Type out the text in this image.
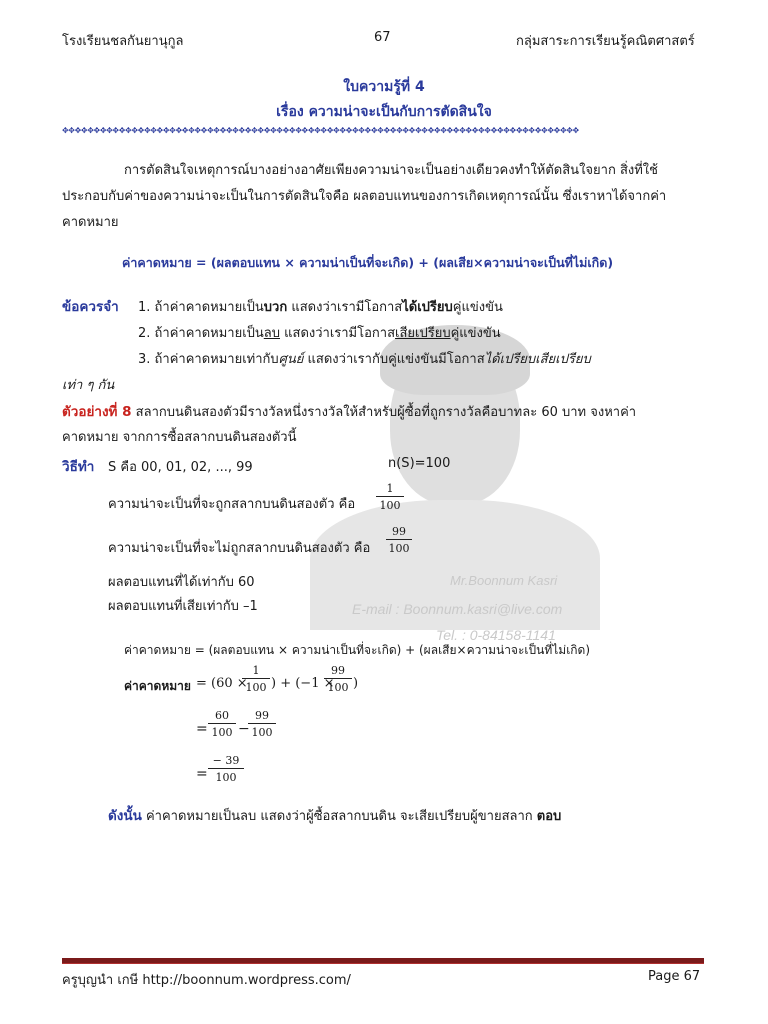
Mr.Boonnum Kasri
E-mail : Boonnum.kasri@live.com
Tel. : 0-84158-1141
โรงเรียนชลกันยานุกูล	67	กลุ่มสาระการเรียนรู้คณิตศาสตร์
ใบความรู้ที่ 4
เรื่อง ความน่าจะเป็นกับการตัดสินใจ
✥✥✥✥✥✥✥✥✥✥✥✥✥✥✥✥✥✥✥✥✥✥✥✥✥✥✥✥✥✥✥✥✥✥✥✥✥✥✥✥✥✥✥✥✥✥✥✥✥✥✥✥✥✥✥✥✥✥✥✥✥✥✥✥✥✥✥✥✥✥✥✥✥✥✥✥✥✥✥✥✥✥
การตัดสินใจเหตุการณ์บางอย่างอาศัยเพียงความน่าจะเป็นอย่างเดียวคงทำให้ตัดสินใจยาก สิ่งที่ใช้
ประกอบกับค่าของความน่าจะเป็นในการตัดสินใจคือ ผลตอบแทนของการเกิดเหตุการณ์นั้น ซึ่งเราหาได้จากค่า
คาดหมาย
ค่าคาดหมาย = (ผลตอบแทน × ความน่าเป็นที่จะเกิด) + (ผลเสีย×ความน่าจะเป็นที่ไม่เกิด)
ข้อควรจำ 1. ถ้าค่าคาดหมายเป็นบวก แสดงว่าเรามีโอกาสได้เปรียบคู่แข่งขัน
2. ถ้าค่าคาดหมายเป็นลบ แสดงว่าเรามีโอกาสเสียเปรียบคู่แข่งขัน
3. ถ้าค่าคาดหมายเท่ากับศูนย์ แสดงว่าเรากับคู่แข่งขันมีโอกาสได้เปรียบเสียเปรียบ
เท่า ๆ กัน
ตัวอย่างที่ 8 สลากบนดินสองตัวมีรางวัลหนึ่งรางวัลให้สำหรับผู้ซื้อที่ถูกรางวัลคือบาทละ 60 บาท จงหาค่า
คาดหมาย จากการซื้อสลากบนดินสองตัวนี้
วิธีทำ S คือ 00, 01, 02, ..., 99	n(S)=100
ความน่าจะเป็นที่จะถูกสลากบนดินสองตัว คือ
1
100
ความน่าจะเป็นที่จะไม่ถูกสลากบนดินสองตัว คือ
99
100
ผลตอบแทนที่ได้เท่ากับ 60
ผลตอบแทนที่เสียเท่ากับ –1
ค่าคาดหมาย = (ผลตอบแทน × ความน่าเป็นที่จะเกิด) + (ผลเสีย×ความน่าจะเป็นที่ไม่เกิด)
ค่าคาดหมาย = (60 ×
1
100 ) + (−1 ×
99
100 )
=
60
100 −
99
100
=
− 39
100
ดังนั้น ค่าคาดหมายเป็นลบ แสดงว่าผู้ซื้อสลากบนดิน จะเสียเปรียบผู้ขายสลาก ตอบ
ครูบุญนำ เกษี http://boonnum.wordpress.com/	Page 67
